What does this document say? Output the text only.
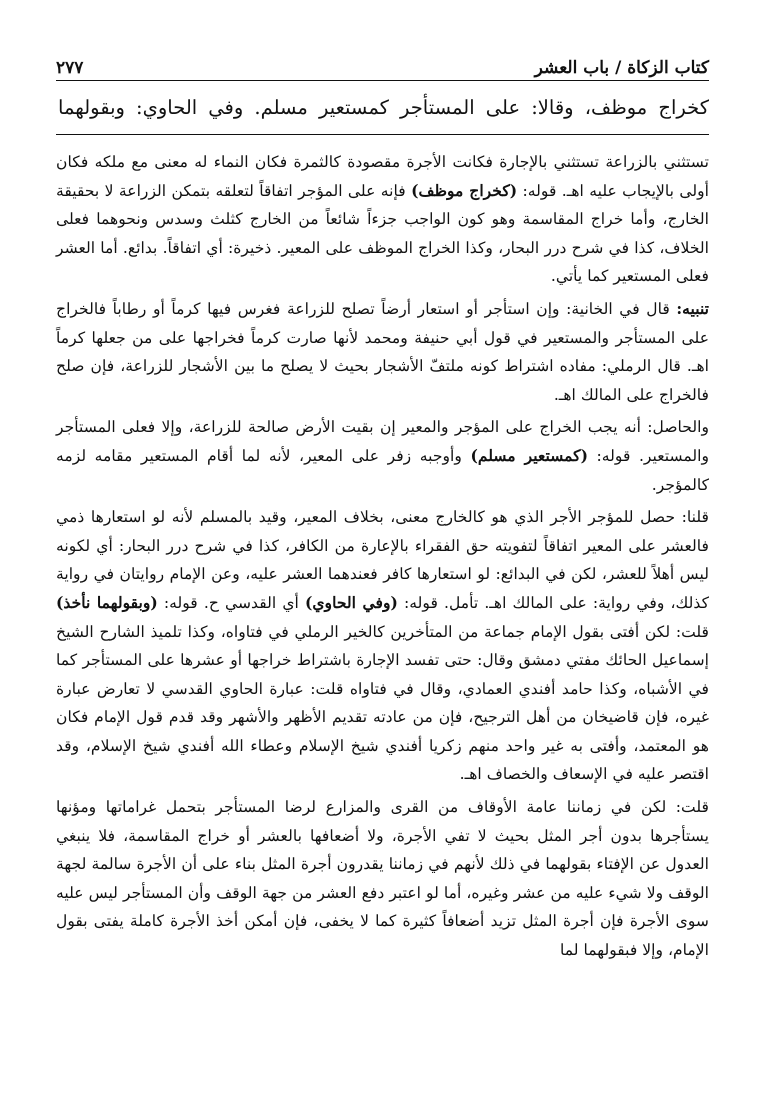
كتاب الزكاة / باب العشر
٢٧٧
كخراج موظف، وقالا: على المستأجر كمستعير مسلم. وفي الحاوي: وبقولهما

تستثني بالزراعة تستثني بالإجارة فكانت الأجرة مقصودة كالثمرة فكان النماء له معنى مع ملكه فكان أولى بالإيجاب عليه اهـ. قوله: (كخراج موظف) فإنه على المؤجر اتفاقاً لتعلقه بتمكن الزراعة لا بحقيقة الخارج، وأما خراج المقاسمة وهو كون الواجب جزءاً شائعاً من الخارج كثلث وسدس ونحوهما فعلى الخلاف، كذا في شرح درر البحار، وكذا الخراج الموظف على المعير. ذخيرة: أي اتفاقاً. بدائع. أما العشر فعلى المستعير كما يأتي.

تنبيه: قال في الخانية: وإن استأجر أو استعار أرضاً تصلح للزراعة فغرس فيها كرماً أو رطاباً فالخراج على المستأجر والمستعير في قول أبي حنيفة ومحمد لأنها صارت كرماً فخراجها على من جعلها كرماً اهـ. قال الرملي: مفاده اشتراط كونه ملتفّ الأشجار بحيث لا يصلح ما بين الأشجار للزراعة، فإن صلح فالخراج على المالك اهـ.

والحاصل: أنه يجب الخراج على المؤجر والمعير إن بقيت الأرض صالحة للزراعة، وإلا فعلى المستأجر والمستعير. قوله: (كمستعير مسلم) وأوجبه زفر على المعير، لأنه لما أقام المستعير مقامه لزمه كالمؤجر.

قلنا: حصل للمؤجر الأجر الذي هو كالخارج معنى، بخلاف المعير، وقيد بالمسلم لأنه لو استعارها ذمي فالعشر على المعير اتفاقاً لتفويته حق الفقراء بالإعارة من الكافر، كذا في شرح درر البحار: أي لكونه ليس أهلاً للعشر، لكن في البدائع: لو استعارها كافر فعندهما العشر عليه، وعن الإمام روايتان في رواية كذلك، وفي رواية: على المالك اهـ. تأمل. قوله: (وفي الحاوي) أي القدسي ح. قوله: (وبقولهما نأخذ) قلت: لكن أفتى بقول الإمام جماعة من المتأخرين كالخير الرملي في فتاواه، وكذا تلميذ الشارح الشيخ إسماعيل الحائك مفتي دمشق وقال: حتى تفسد الإجارة باشتراط خراجها أو عشرها على المستأجر كما في الأشباه، وكذا حامد أفندي العمادي، وقال في فتاواه قلت: عبارة الحاوي القدسي لا تعارض عبارة غيره، فإن قاضيخان من أهل الترجيح، فإن من عادته تقديم الأظهر والأشهر وقد قدم قول الإمام فكان هو المعتمد، وأفتى به غير واحد منهم زكريا أفندي شيخ الإسلام وعطاء الله أفندي شيخ الإسلام، وقد اقتصر عليه في الإسعاف والخصاف اهـ.

قلت: لكن في زماننا عامة الأوقاف من القرى والمزارع لرضا المستأجر بتحمل غراماتها ومؤنها يستأجرها بدون أجر المثل بحيث لا تفي الأجرة، ولا أضعافها بالعشر أو خراج المقاسمة، فلا ينبغي العدول عن الإفتاء بقولهما في ذلك لأنهم في زماننا يقدرون أجرة المثل بناء على أن الأجرة سالمة لجهة الوقف ولا شيء عليه من عشر وغيره، أما لو اعتبر دفع العشر من جهة الوقف وأن المستأجر ليس عليه سوى الأجرة فإن أجرة المثل تزيد أضعافاً كثيرة كما لا يخفى، فإن أمكن أخذ الأجرة كاملة يفتى بقول الإمام، وإلا فبقولهما لما
